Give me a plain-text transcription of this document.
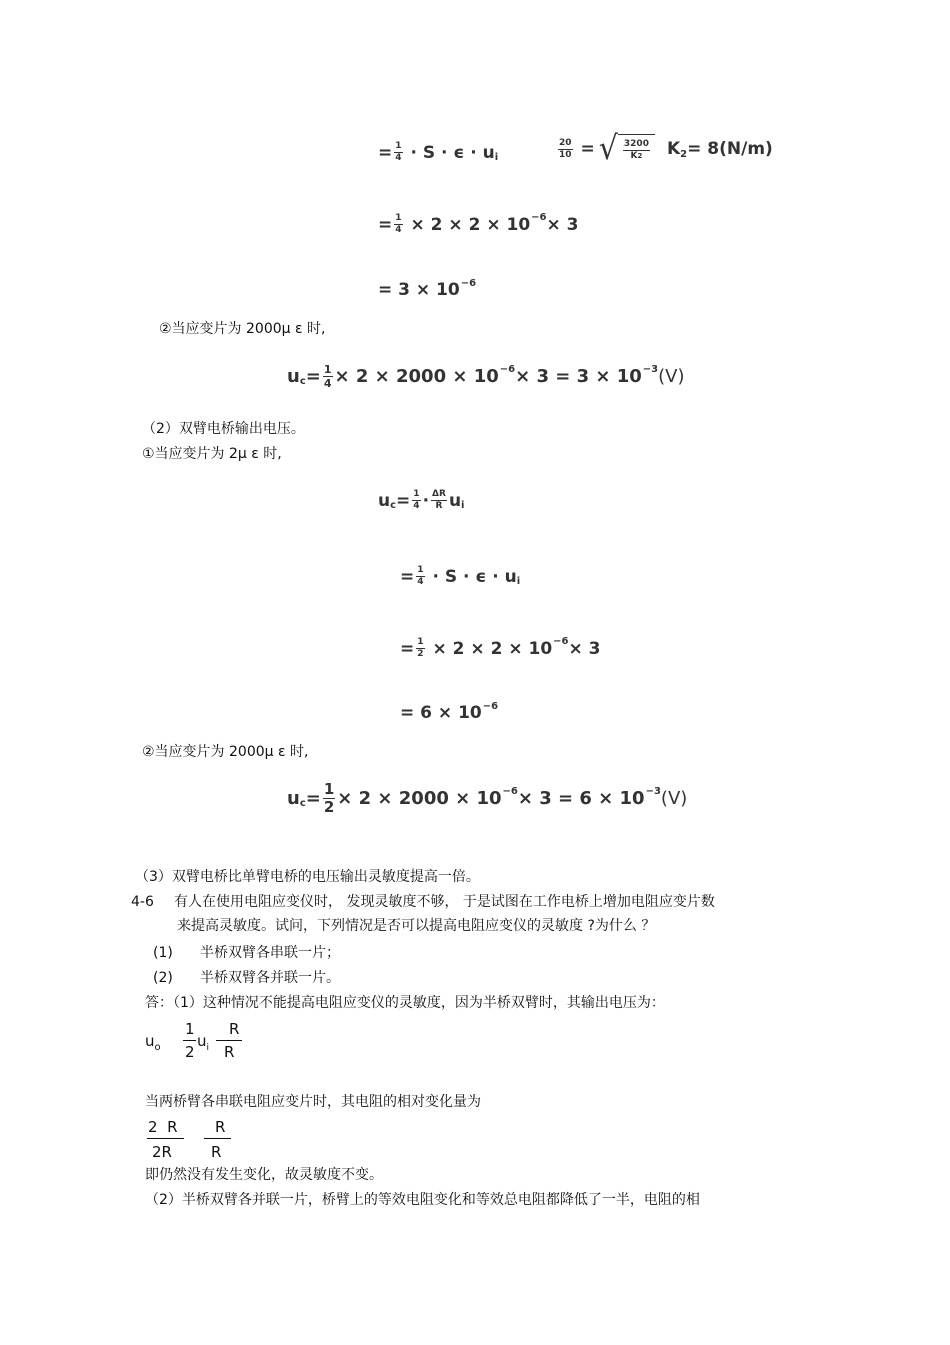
= $\frac{1}{4} \cdot S \cdot \epsilon \cdot u$ i	$\frac{20}{10}$ = √ $\frac{3200}{K2}$ K 2 = 8(N/m)
= $\frac{1}{4} \times 2 \times 2 \times 10 -6 \times 3$
= 3 × 10 −6
②当应变片为 2000μ ε 时,
u $c = \frac{1}{4} \times 2 \times 2000 \times 10 -6 \times 3 = 3 \times 10 -3$ (V)
（2）双臂电桥输出电压。
①当应变片为 2μ ε 时,
u $c = \frac{1}{4} \cdot \frac{\Delta R}{R}$ u i
= $\frac{1}{4} \cdot S \cdot \epsilon \cdot u$ i
= $\frac{1}{2} \times 2 \times 2 \times 10 -6 \times 3$
= 6 × 10 −6
②当应变片为 2000μ ε 时,
u $c = \frac{1}{2} \times 2 \times 2000 \times 10 -6 \times 3 = 6 \times 10 -3$ (V)
（3）双臂电桥比单臂电桥的电压输出灵敏度提高一倍。
4-6 有人在使用电阻应变仪时， 发现灵敏度不够， 于是试图在工作电桥上增加电阻应变片数
来提高灵敏度。试问，下列情况是否可以提高电阻应变仪的灵敏度 ?为什么 ？
(1) 半桥双臂各串联一片；
(2) 半桥双臂各并联一片。
答：（1）这种情况不能提高电阻应变仪的灵敏度，因为半桥双臂时，其输出电压为：
$u_o$
1
2
$u_i$
R
R
当两桥臂各串联电阻应变片时，其电阻的相对变化量为
2  R
2R
R
R
即仍然没有发生变化，故灵敏度不变。
（2）半桥双臂各并联一片，桥臂上的等效电阻变化和等效总电阻都降低了一半，电阻的相
